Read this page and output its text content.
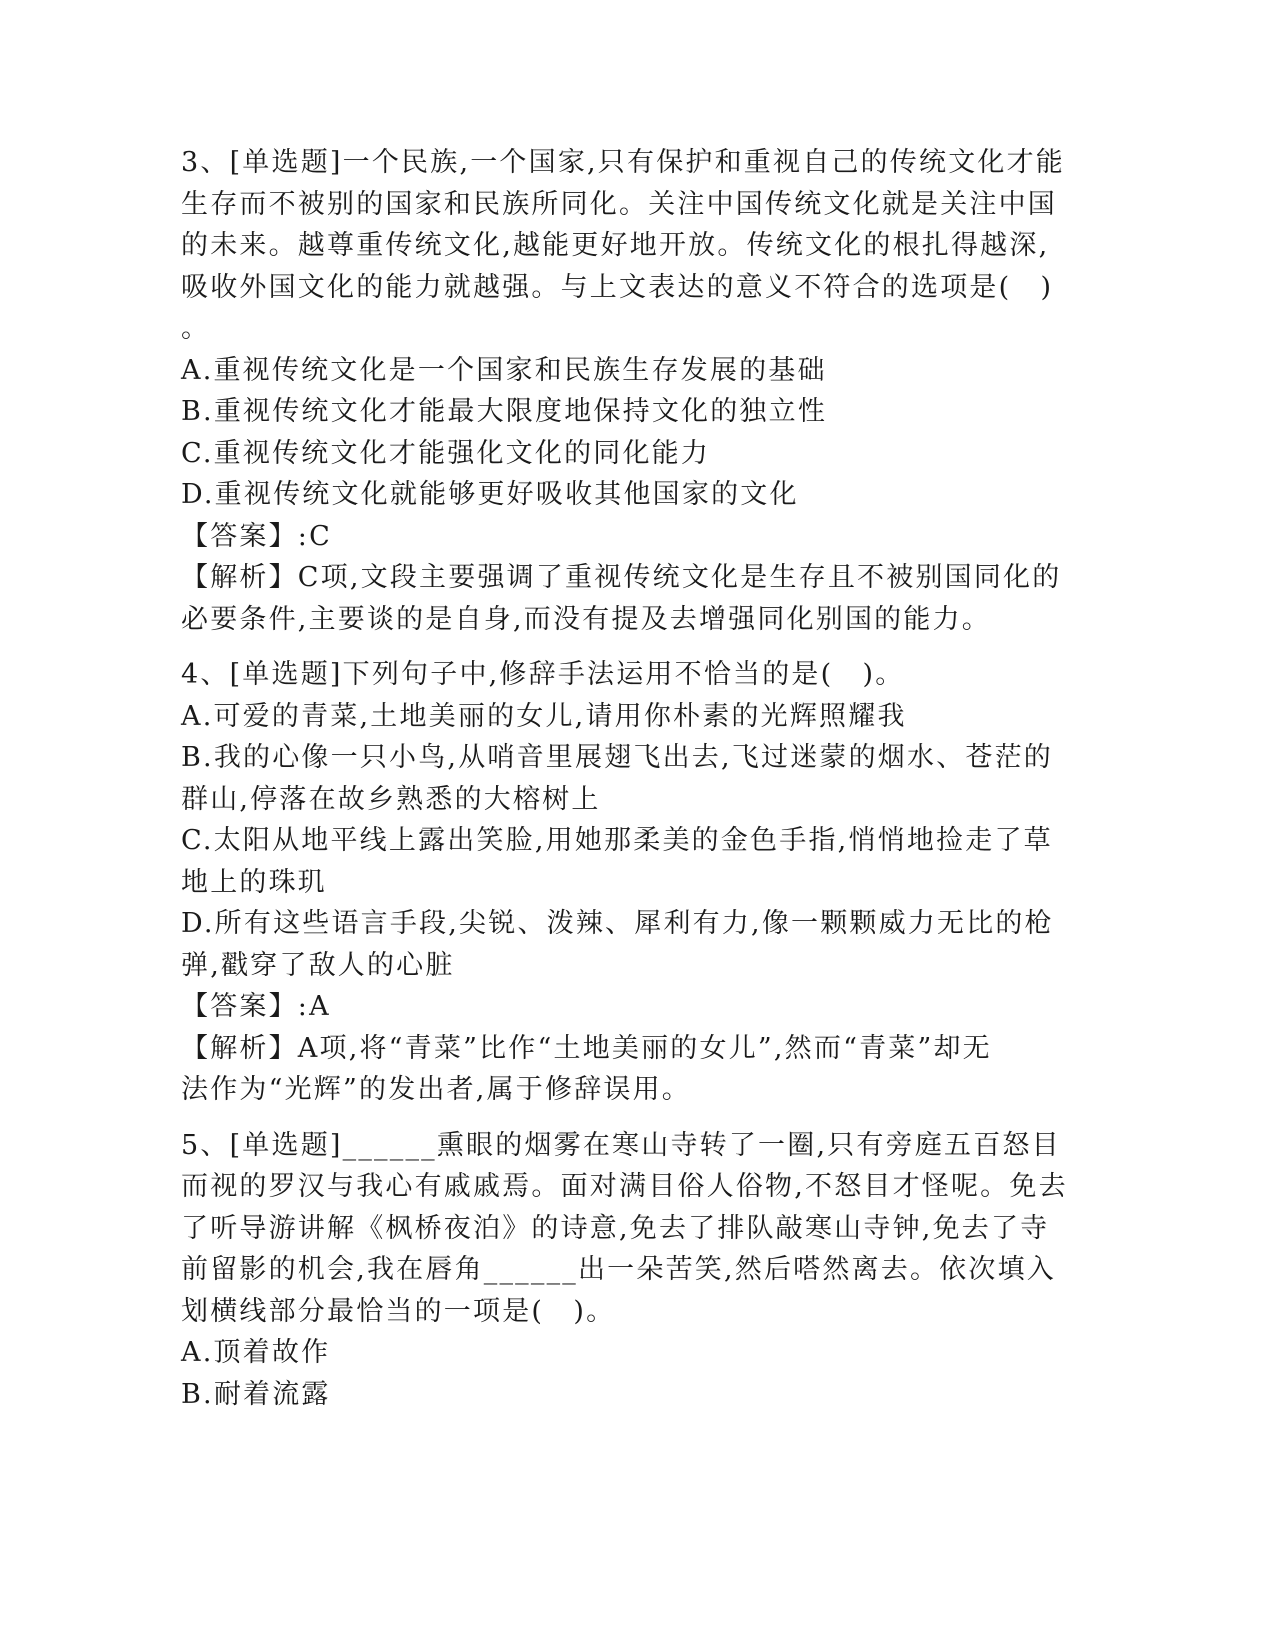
3、[单选题]一个民族,一个国家,只有保护和重视自己的传统文化才能
生存而不被别的国家和民族所同化。关注中国传统文化就是关注中国
的未来。越尊重传统文化,越能更好地开放。传统文化的根扎得越深,
吸收外国文化的能力就越强。与上文表达的意义不符合的选项是(　)
。
A.重视传统文化是一个国家和民族生存发展的基础
B.重视传统文化才能最大限度地保持文化的独立性
C.重视传统文化才能强化文化的同化能力
D.重视传统文化就能够更好吸收其他国家的文化
【答案】:C
【解析】C项,文段主要强调了重视传统文化是生存且不被别国同化的
必要条件,主要谈的是自身,而没有提及去增强同化别国的能力。
4、[单选题]下列句子中,修辞手法运用不恰当的是(　)。
A.可爱的青菜,土地美丽的女儿,请用你朴素的光辉照耀我
B.我的心像一只小鸟,从哨音里展翅飞出去,飞过迷蒙的烟水、苍茫的
群山,停落在故乡熟悉的大榕树上
C.太阳从地平线上露出笑脸,用她那柔美的金色手指,悄悄地捡走了草
地上的珠玑
D.所有这些语言手段,尖锐、泼辣、犀利有力,像一颗颗威力无比的枪
弹,戳穿了敌人的心脏
【答案】:A
【解析】A项,将“青菜”比作“土地美丽的女儿”,然而“青菜”却无
法作为“光辉”的发出者,属于修辞误用。
5、[单选题]______熏眼的烟雾在寒山寺转了一圈,只有旁庭五百怒目
而视的罗汉与我心有戚戚焉。面对满目俗人俗物,不怒目才怪呢。免去
了听导游讲解《枫桥夜泊》的诗意,免去了排队敲寒山寺钟,免去了寺
前留影的机会,我在唇角______出一朵苦笑,然后嗒然离去。依次填入
划横线部分最恰当的一项是(　)。
A.顶着故作
B.耐着流露
